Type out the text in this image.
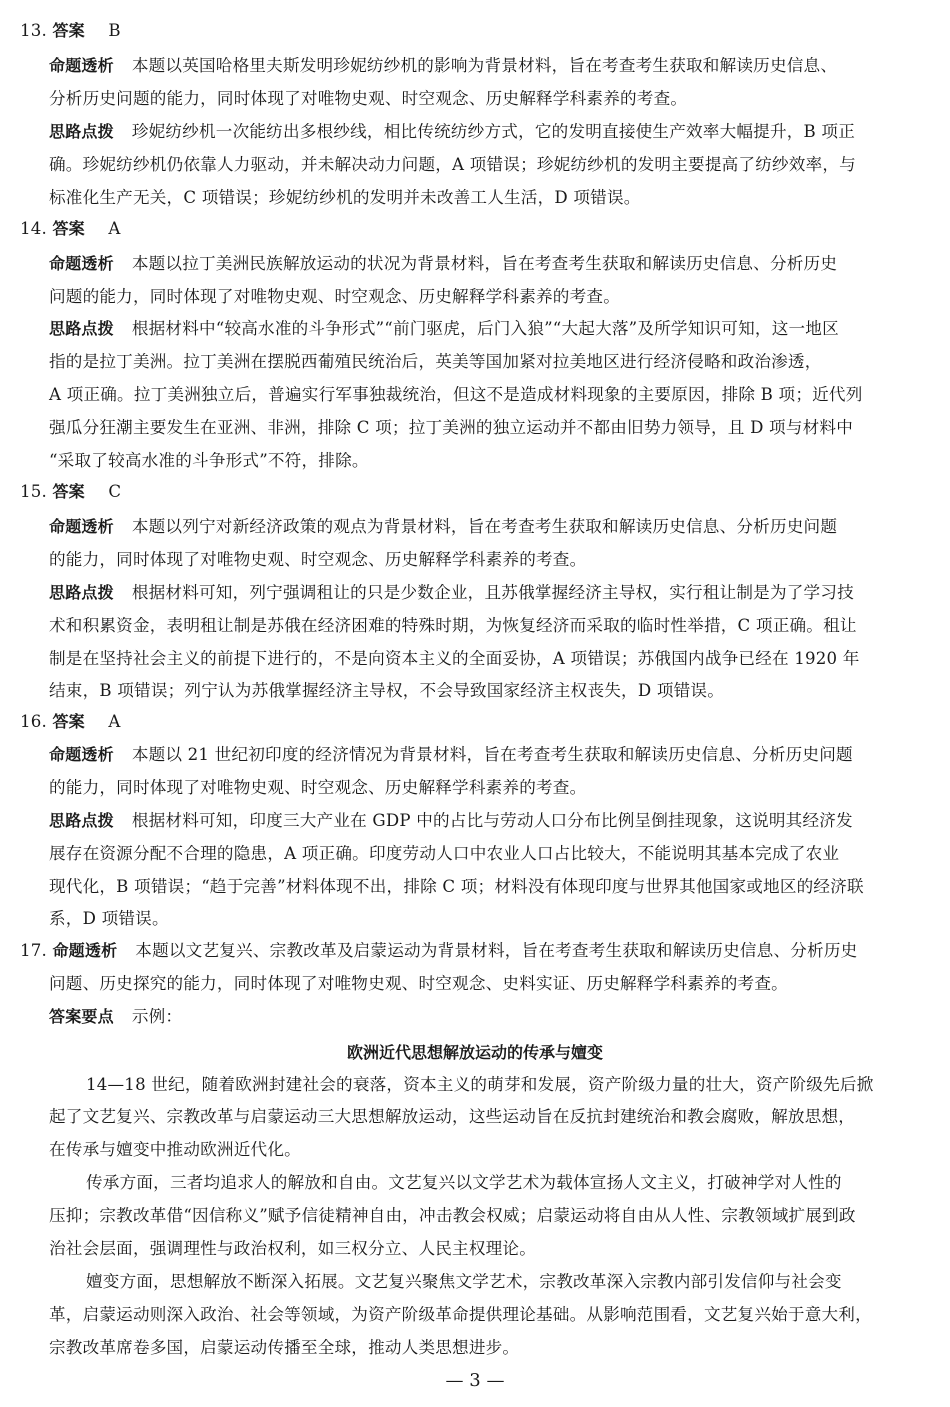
13. 答案 B
命题透析 本题以英国哈格里夫斯发明珍妮纺纱机的影响为背景材料，旨在考查考生获取和解读历史信息、
分析历史问题的能力，同时体现了对唯物史观、时空观念、历史解释学科素养的考查。
思路点拨 珍妮纺纱机一次能纺出多根纱线，相比传统纺纱方式，它的发明直接使生产效率大幅提升，B 项正
确。珍妮纺纱机仍依靠人力驱动，并未解决动力问题，A 项错误；珍妮纺纱机的发明主要提高了纺纱效率，与
标准化生产无关，C 项错误；珍妮纺纱机的发明并未改善工人生活，D 项错误。
14. 答案 A
命题透析 本题以拉丁美洲民族解放运动的状况为背景材料，旨在考查考生获取和解读历史信息、分析历史
问题的能力，同时体现了对唯物史观、时空观念、历史解释学科素养的考查。
思路点拨 根据材料中“较高水准的斗争形式”“前门驱虎，后门入狼”“大起大落”及所学知识可知，这一地区
指的是拉丁美洲。拉丁美洲在摆脱西葡殖民统治后，英美等国加紧对拉美地区进行经济侵略和政治渗透，
A 项正确。拉丁美洲独立后，普遍实行军事独裁统治，但这不是造成材料现象的主要原因，排除 B 项；近代列
强瓜分狂潮主要发生在亚洲、非洲，排除 C 项；拉丁美洲的独立运动并不都由旧势力领导，且 D 项与材料中
“采取了较高水准的斗争形式”不符，排除。
15. 答案 C
命题透析 本题以列宁对新经济政策的观点为背景材料，旨在考查考生获取和解读历史信息、分析历史问题
的能力，同时体现了对唯物史观、时空观念、历史解释学科素养的考查。
思路点拨 根据材料可知，列宁强调租让的只是少数企业，且苏俄掌握经济主导权，实行租让制是为了学习技
术和积累资金，表明租让制是苏俄在经济困难的特殊时期，为恢复经济而采取的临时性举措，C 项正确。租让
制是在坚持社会主义的前提下进行的，不是向资本主义的全面妥协，A 项错误；苏俄国内战争已经在 1920 年
结束，B 项错误；列宁认为苏俄掌握经济主导权，不会导致国家经济主权丧失，D 项错误。
16. 答案 A
命题透析 本题以 21 世纪初印度的经济情况为背景材料，旨在考查考生获取和解读历史信息、分析历史问题
的能力，同时体现了对唯物史观、时空观念、历史解释学科素养的考查。
思路点拨 根据材料可知，印度三大产业在 GDP 中的占比与劳动人口分布比例呈倒挂现象，这说明其经济发
展存在资源分配不合理的隐患，A 项正确。印度劳动人口中农业人口占比较大，不能说明其基本完成了农业
现代化，B 项错误；“趋于完善”材料体现不出，排除 C 项；材料没有体现印度与世界其他国家或地区的经济联
系，D 项错误。
17. 命题透析 本题以文艺复兴、宗教改革及启蒙运动为背景材料，旨在考查考生获取和解读历史信息、分析历史
问题、历史探究的能力，同时体现了对唯物史观、时空观念、史料实证、历史解释学科素养的考查。
答案要点 示例：
欧洲近代思想解放运动的传承与嬗变
14—18 世纪，随着欧洲封建社会的衰落，资本主义的萌芽和发展，资产阶级力量的壮大，资产阶级先后掀
起了文艺复兴、宗教改革与启蒙运动三大思想解放运动，这些运动旨在反抗封建统治和教会腐败，解放思想，
在传承与嬗变中推动欧洲近代化。
传承方面，三者均追求人的解放和自由。文艺复兴以文学艺术为载体宣扬人文主义，打破神学对人性的
压抑；宗教改革借“因信称义”赋予信徒精神自由，冲击教会权威；启蒙运动将自由从人性、宗教领域扩展到政
治社会层面，强调理性与政治权利，如三权分立、人民主权理论。
嬗变方面，思想解放不断深入拓展。文艺复兴聚焦文学艺术，宗教改革深入宗教内部引发信仰与社会变
革，启蒙运动则深入政治、社会等领域，为资产阶级革命提供理论基础。从影响范围看，文艺复兴始于意大利，
宗教改革席卷多国，启蒙运动传播至全球，推动人类思想进步。
— 3 —
